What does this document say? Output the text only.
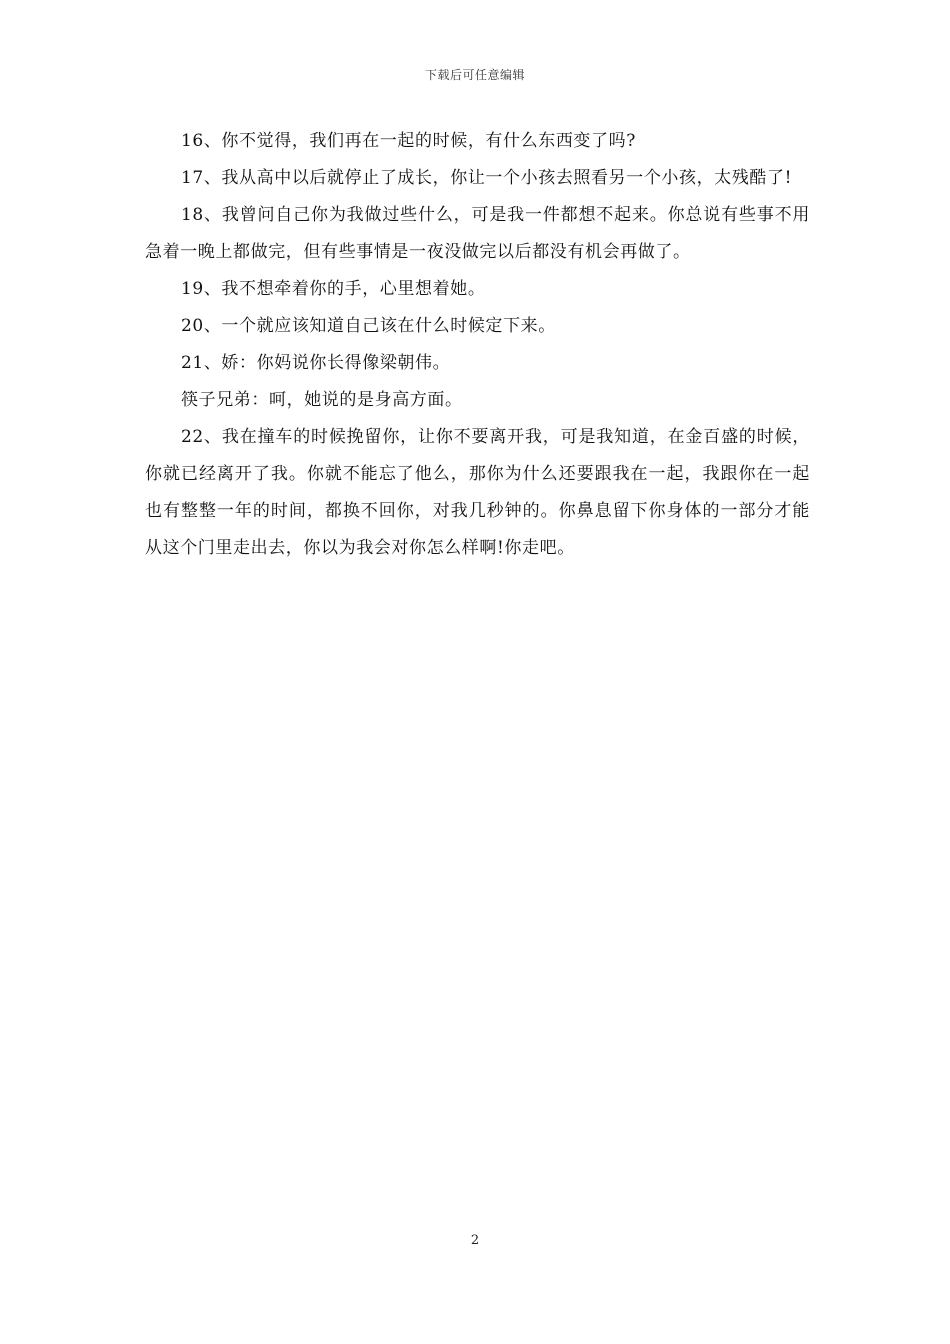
下载后可任意编辑

16、你不觉得，我们再在一起的时候，有什么东西变了吗?

17、我从高中以后就停止了成长，你让一个小孩去照看另一个小孩，太残酷了!

18、我曾问自己你为我做过些什么，可是我一件都想不起来。你总说有些事不用急着一晚上都做完，但有些事情是一夜没做完以后都没有机会再做了。

19、我不想牵着你的手，心里想着她。

20、一个就应该知道自己该在什么时候定下来。

21、娇：你妈说你长得像梁朝伟。

筷子兄弟：呵，她说的是身高方面。

22、我在撞车的时候挽留你，让你不要离开我，可是我知道，在金百盛的时候，你就已经离开了我。你就不能忘了他么，那你为什么还要跟我在一起，我跟你在一起也有整整一年的时间，都换不回你，对我几秒钟的。你鼻息留下你身体的一部分才能从这个门里走出去，你以为我会对你怎么样啊!你走吧。

2
